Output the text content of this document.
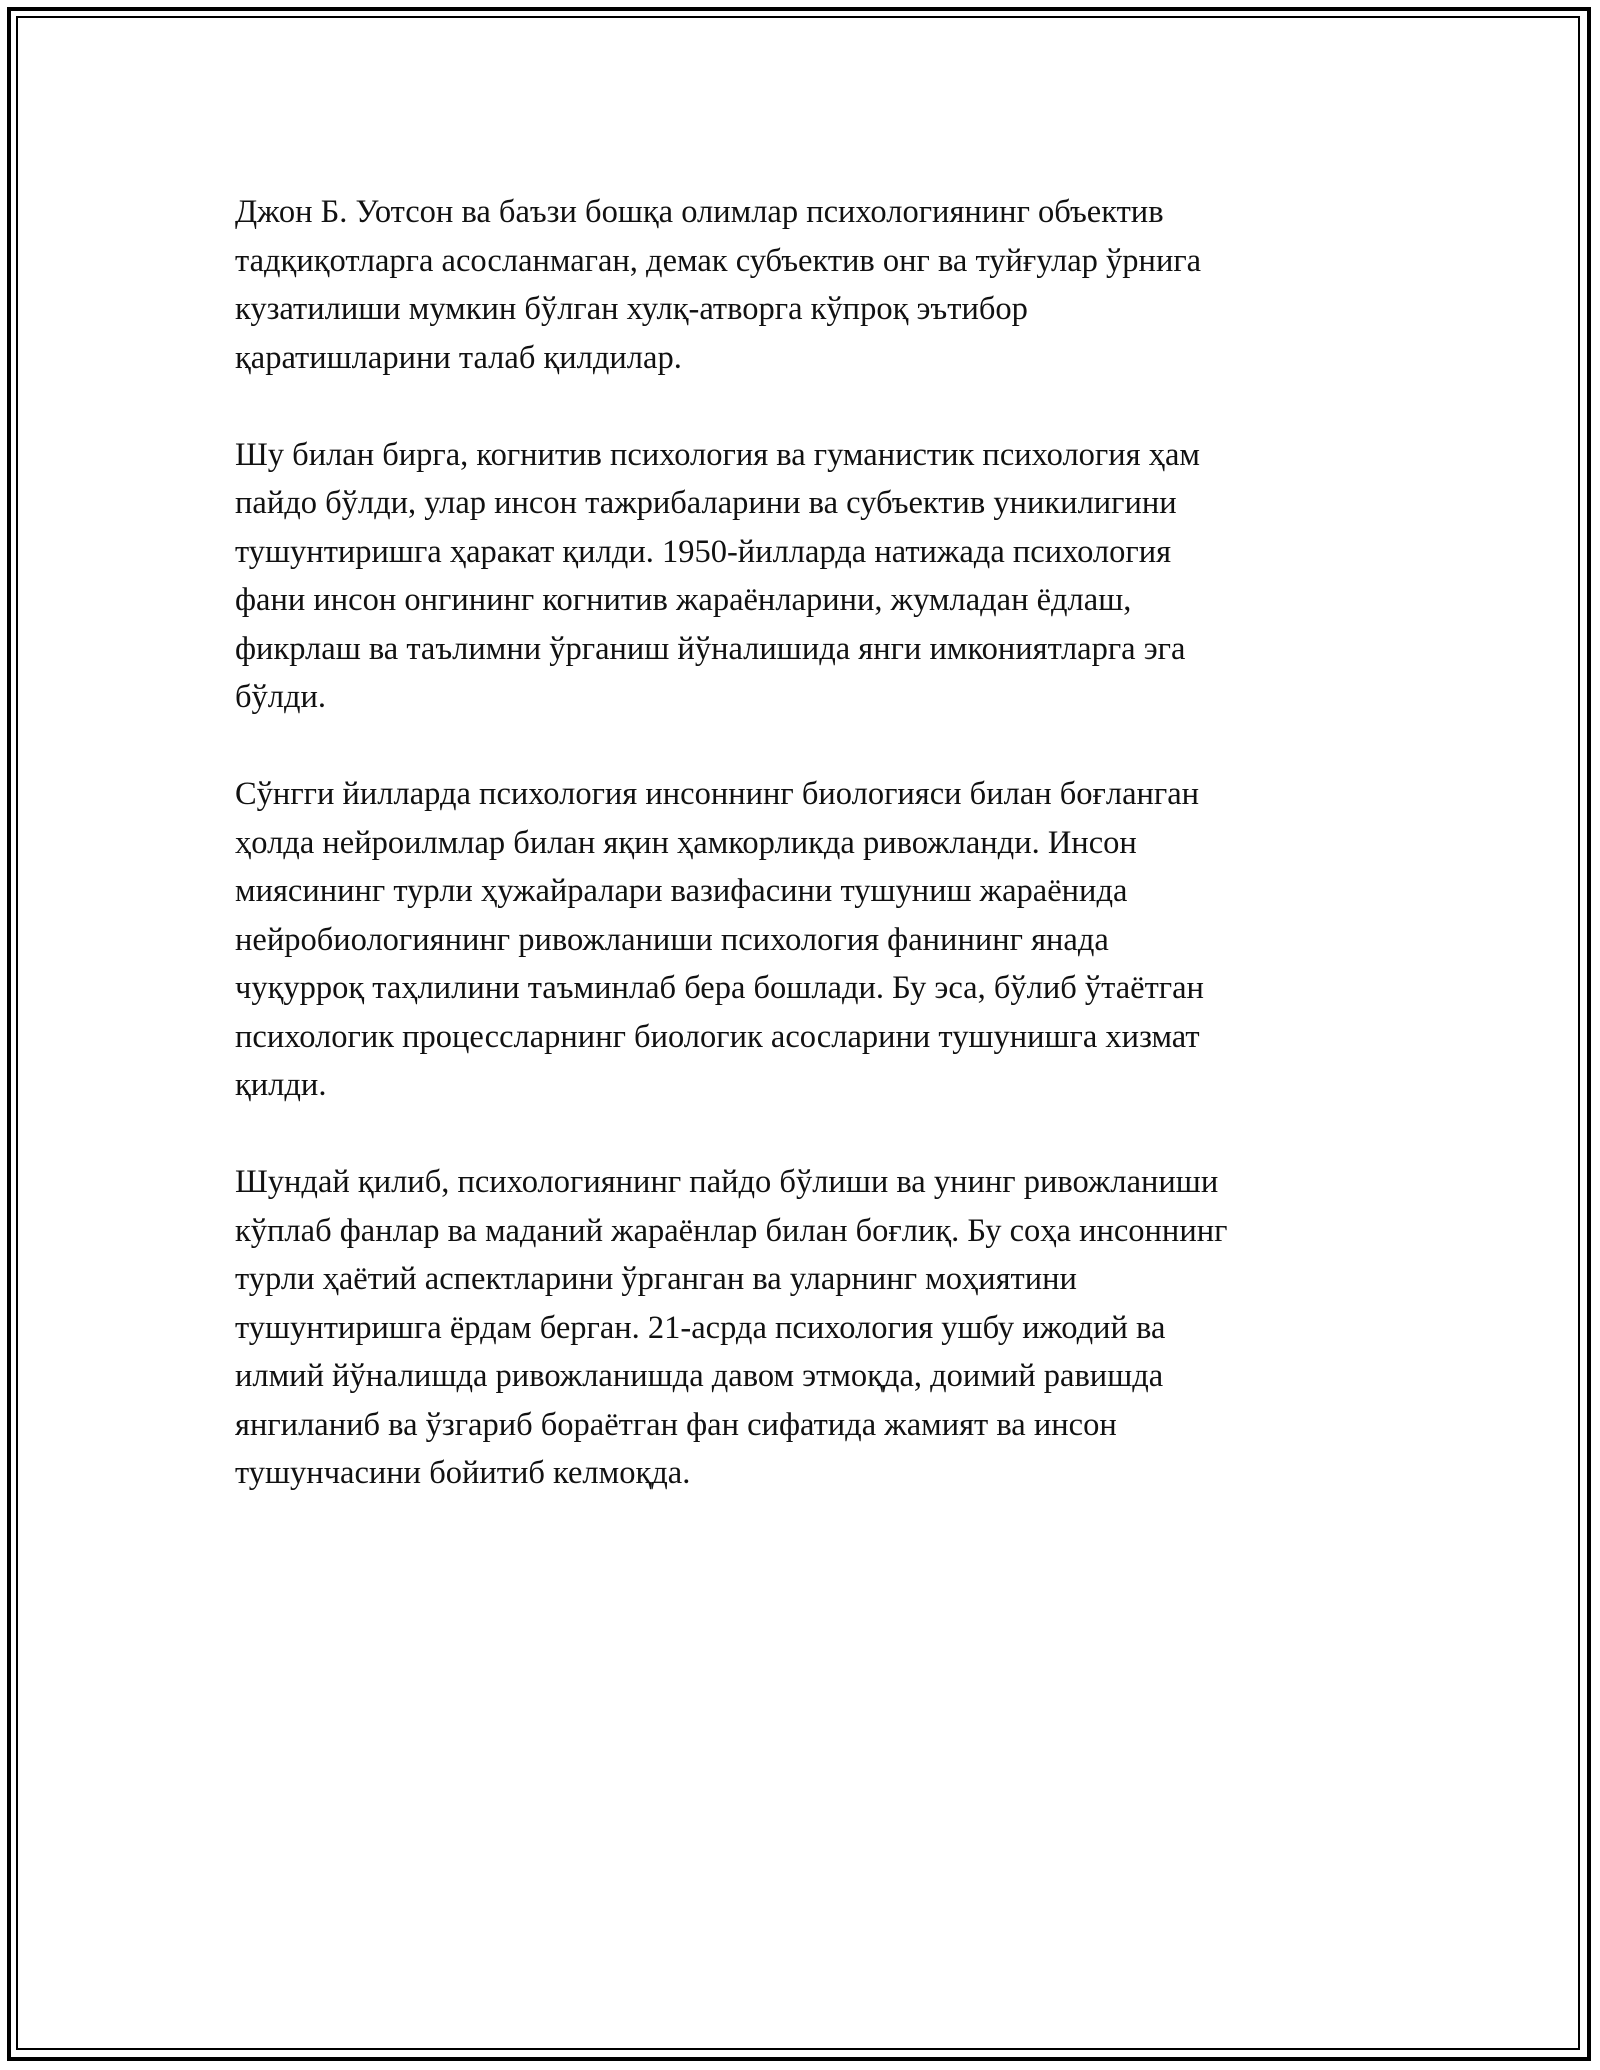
Джон Б. Уотсон ва баъзи бошқа олимлар психологиянинг объектив
тадқиқотларга асосланмаган, демак субъектив онг ва туйғулар ўрнига
кузатилиши мумкин бўлган хулқ-атворга кўпроқ эътибор
қаратишларини талаб қилдилар.

Шу билан бирга, когнитив психология ва гуманистик психология ҳам
пайдо бўлди, улар инсон тажрибаларини ва субъектив уникилигини
тушунтиришга ҳаракат қилди. 1950-йилларда натижада психология
фани инсон онгининг когнитив жараёнларини, жумладан ёдлаш,
фикрлаш ва таълимни ўрганиш йўналишида янги имкониятларга эга
бўлди.

Сўнгги йилларда психология инсоннинг биологияси билан боғланган
ҳолда нейроилмлар билан яқин ҳамкорликда ривожланди. Инсон
миясининг турли ҳужайралари вазифасини тушуниш жараёнида
нейробиологиянинг ривожланиши психология фанининг янада
чуқурроқ таҳлилини таъминлаб бера бошлади. Бу эса, бўлиб ўтаётган
психологик процессларнинг биологик асосларини тушунишга хизмат
қилди.

Шундай қилиб, психологиянинг пайдо бўлиши ва унинг ривожланиши
кўплаб фанлар ва маданий жараёнлар билан боғлиқ. Бу соҳа инсоннинг
турли ҳаётий аспектларини ўрганган ва уларнинг моҳиятини
тушунтиришга ёрдам берган. 21-асрда психология ушбу ижодий ва
илмий йўналишда ривожланишда давом этмоқда, доимий равишда
янгиланиб ва ўзгариб бораётган фан сифатида жамият ва инсон
тушунчасини бойитиб келмоқда.
